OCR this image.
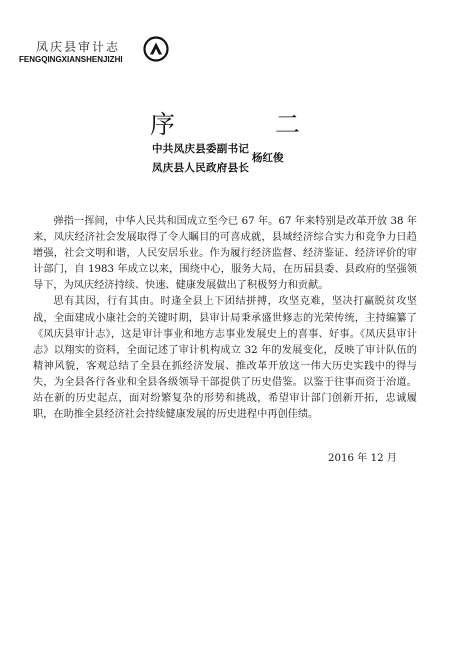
凤庆县审计志
FENGQINGXIANSHENJIZHI
序 二
中共凤庆县委副书记
凤庆县人民政府县长
杨红俊

弹指一挥间，中华人民共和国成立至今已 67 年。67 年来特别是改革开放 38 年来，凤庆经济社会发展取得了令人瞩目的可喜成就，县域经济综合实力和竞争力日趋增强，社会文明和谐，人民安居乐业。作为履行经济监督、经济鉴证、经济评价的审计部门，自 1983 年成立以来，围绕中心，服务大局，在历届县委、县政府的坚强领导下，为凤庆经济持续、快速、健康发展做出了积极努力和贡献。

思有其因，行有其由。时逢全县上下团结拼搏，攻坚克难，坚决打赢脱贫攻坚战，全面建成小康社会的关键时期，县审计局秉承盛世修志的光荣传统，主持编纂了《凤庆县审计志》，这是审计事业和地方志事业发展史上的喜事、好事。《凤庆县审计志》以翔实的资料，全面记述了审计机构成立 32 年的发展变化，反映了审计队伍的精神风貌，客观总结了全县在抓经济发展、推改革开放这一伟大历史实践中的得与失，为全县各行各业和全县各级领导干部提供了历史借鉴。以鉴于往事而资于治道。站在新的历史起点，面对纷繁复杂的形势和挑战，希望审计部门创新开拓，忠诚履职，在助推全县经济社会持续健康发展的历史进程中再创佳绩。

2016 年 12 月
